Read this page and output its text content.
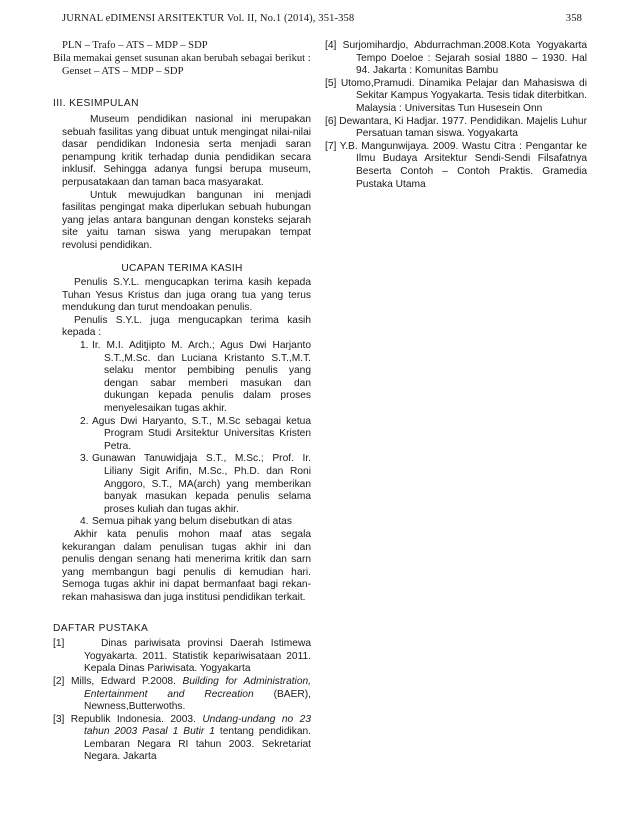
JURNAL eDIMENSI ARSITEKTUR Vol. II, No.1 (2014), 351-358	358

PLN – Trafo – ATS – MDP – SDP

Bila memakai genset susunan akan berubah sebagai berikut :

Genset – ATS – MDP – SDP

III. KESIMPULAN

Museum pendidikan nasional ini merupakan sebuah fasilitas yang dibuat untuk mengingat nilai-nilai dasar pendidikan Indonesia serta menjadi saran penampung kritik terhadap dunia pendidikan secara inklusif. Sehingga adanya fungsi berupa museum, perpusatakaan dan taman baca masyarakat.

Untuk mewujudkan bangunan ini menjadi fasilitas pengingat maka diperlukan sebuah hubungan yang jelas antara bangunan dengan konsteks sejarah site yaitu taman siswa yang merupakan tempat revolusi pendidikan.

UCAPAN TERIMA KASIH

Penulis S.Y.L. mengucapkan terima kasih kepada Tuhan Yesus Kristus dan juga orang tua yang terus mendukung dan turut mendoakan penulis.

Penulis S.Y.L. juga mengucapkan terima kasih kepada :

1. Ir. M.I. Aditjipto M. Arch.; Agus Dwi Harjanto S.T.,M.Sc. dan Luciana Kristanto S.T.,M.T. selaku mentor pembibing penulis yang dengan sabar memberi masukan dan dukungan kepada penulis dalam proses menyelesaikan tugas akhir.
2. Agus Dwi Haryanto, S.T., M.Sc sebagai ketua Program Studi Arsitektur Universitas Kristen Petra.
3. Gunawan Tanuwidjaja S.T., M.Sc.; Prof. Ir. Liliany Sigit Arifin, M.Sc., Ph.D. dan Roni Anggoro, S.T., MA(arch) yang memberikan banyak masukan kepada penulis selama proses kuliah dan tugas akhir.
4. Semua pihak yang belum disebutkan di atas

Akhir kata penulis mohon maaf atas segala kekurangan dalam penulisan tugas akhir ini dan penulis dengan senang hati menerima kritik dan sarn yang membangun bagi penulis di kemudian hari. Semoga tugas akhir ini dapat bermanfaat bagi rekan-rekan mahasiswa dan juga institusi pendidikan terkait.

DAFTAR PUSTAKA

[1]	Dinas pariwisata provinsi Daerah Istimewa Yogyakarta. 2011. Statistik kepariwisataan 2011. Kepala Dinas Pariwisata. Yogyakarta

[2] Mills, Edward P.2008. Building for Administration, Entertainment and Recreation (BAER), Newness,Butterwoths.

[3] Republik Indonesia. 2003. Undang-undang no 23 tahun 2003 Pasal 1 Butir 1 tentang pendidikan. Lembaran Negara RI tahun 2003. Sekretariat Negara. Jakarta

[4] Surjomihardjo, Abdurrachman.2008.Kota Yogyakarta Tempo Doeloe : Sejarah sosial 1880 – 1930. Hal 94. Jakarta : Komunitas Bambu

[5] Utomo,Pramudi. Dinamika Pelajar dan Mahasiswa di Sekitar Kampus Yogyakarta. Tesis tidak diterbitkan. Malaysia : Universitas Tun Husesein Onn

[6] Dewantara, Ki Hadjar. 1977. Pendidikan. Majelis Luhur Persatuan taman siswa. Yogyakarta

[7] Y.B. Mangunwijaya. 2009. Wastu Citra : Pengantar ke Ilmu Budaya Arsitektur Sendi-Sendi Filsafatnya Beserta Contoh – Contoh Praktis. Gramedia Pustaka Utama
